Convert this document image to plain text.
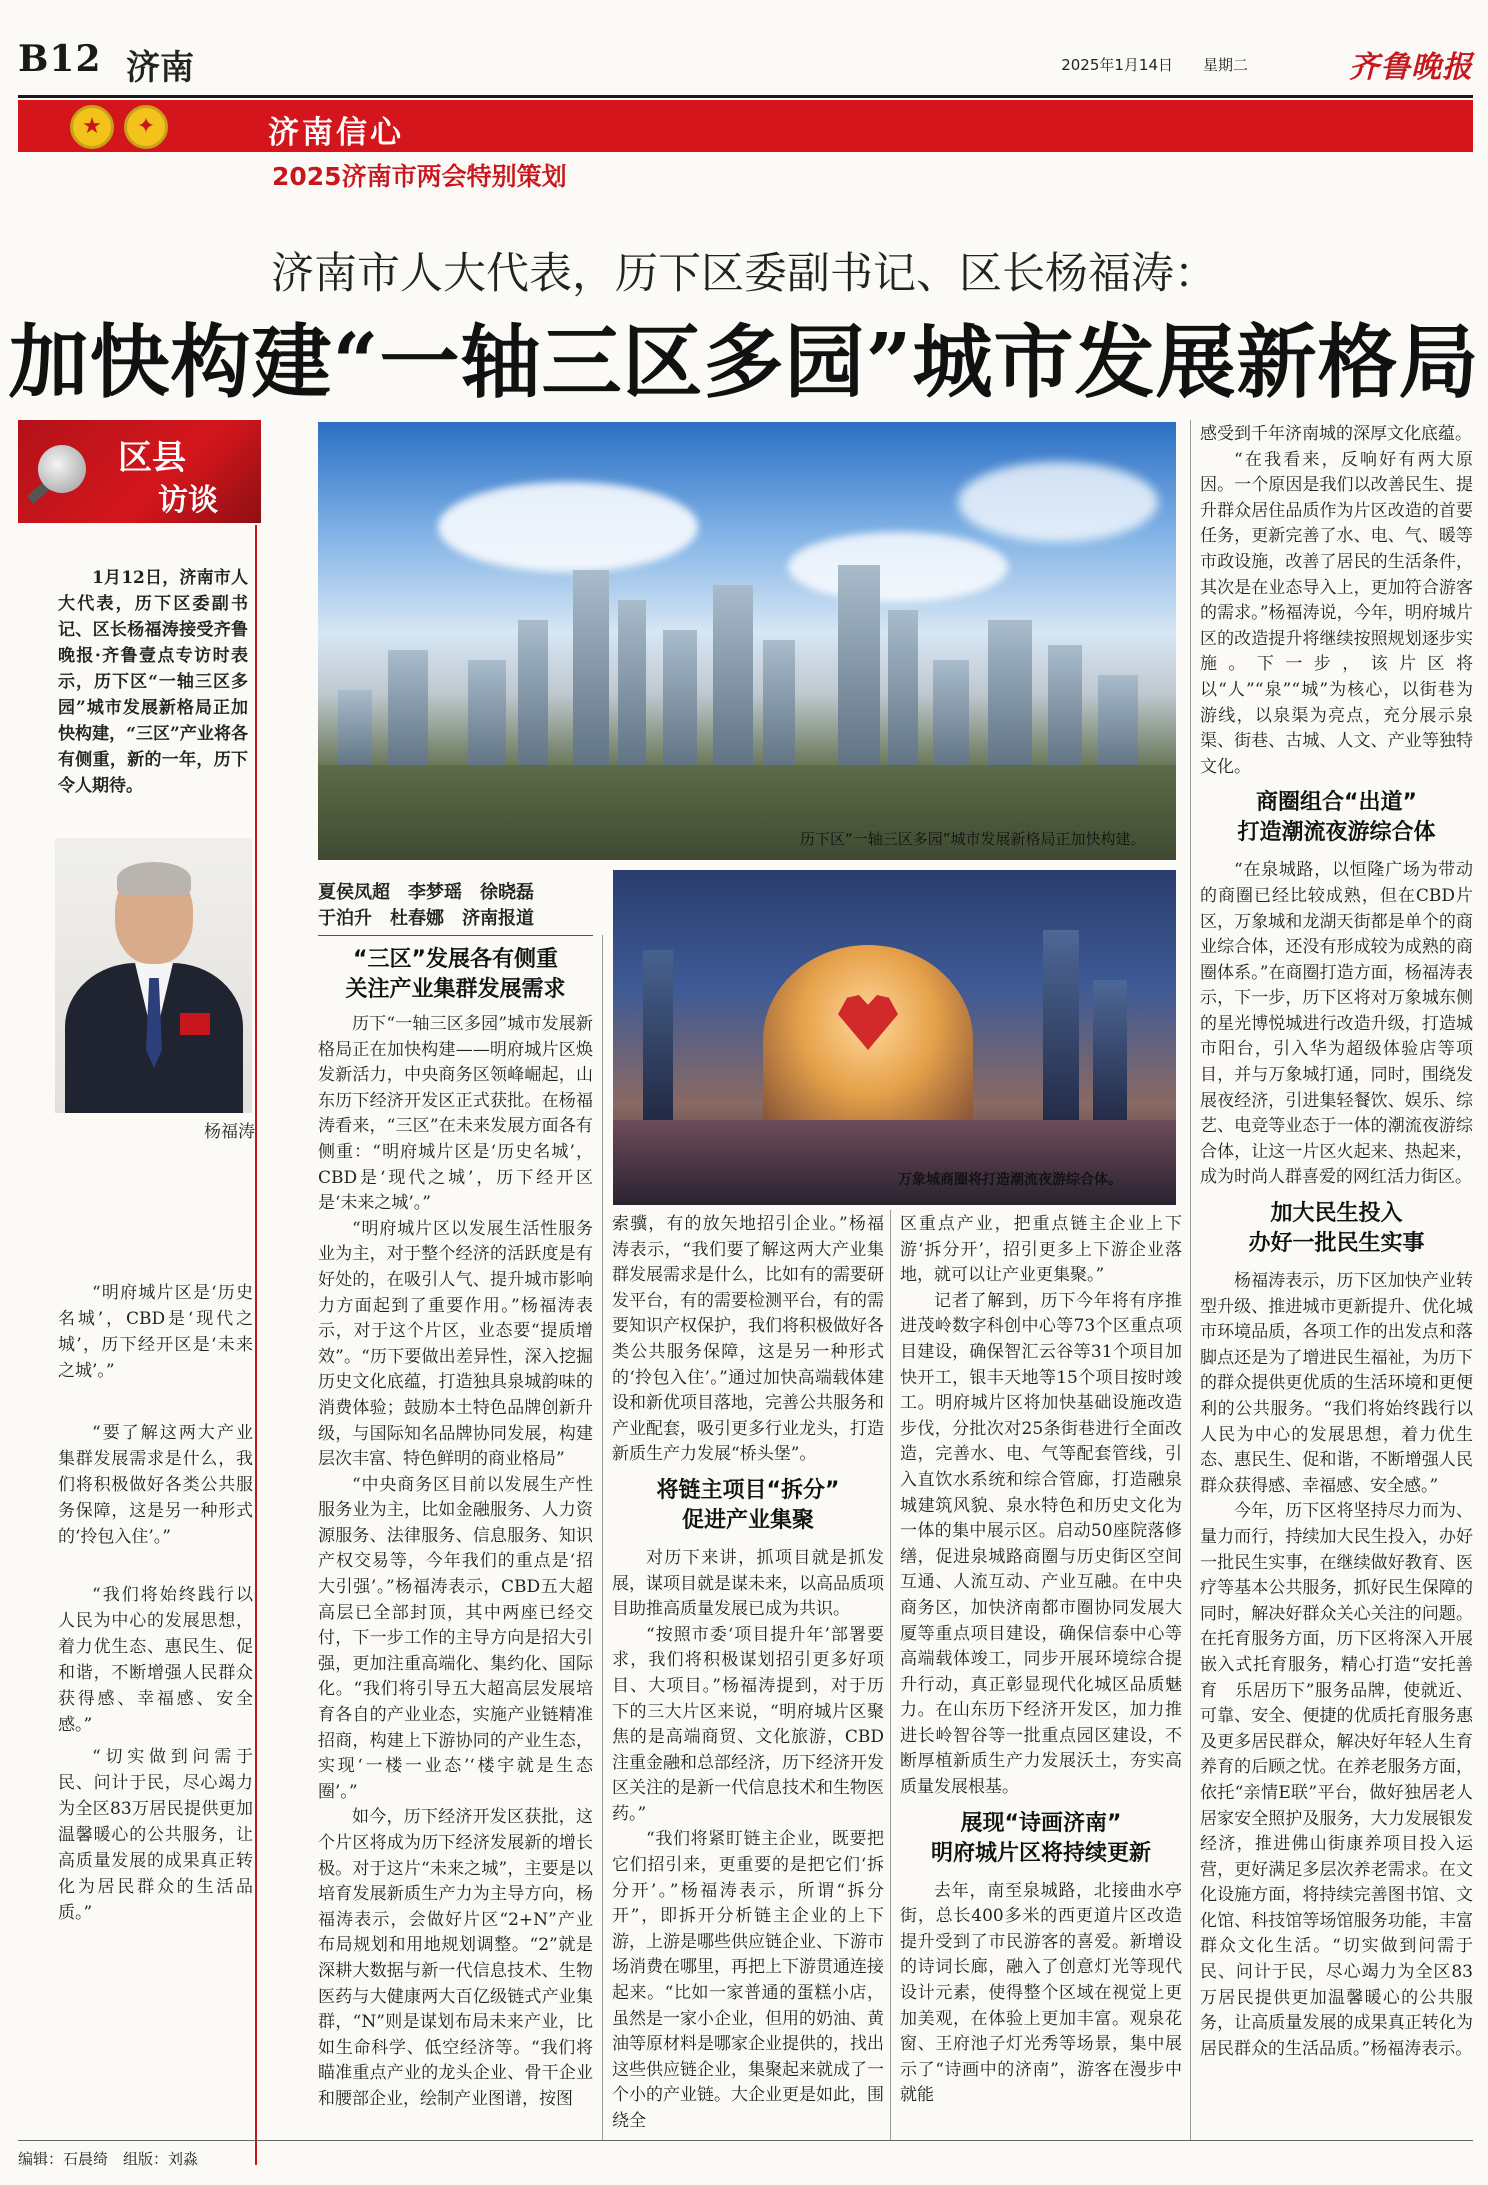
B12 济南	2025年1月14日 星期二	齐鲁晚报
★	✦	济南信心
2025济南市两会特别策划
济南市人大代表，历下区委副书记、区长杨福涛：
加快构建“一轴三区多园”城市发展新格局
区县
访谈
1月12日，济南市人大代表，历下区委副书记、区长杨福涛接受齐鲁晚报·齐鲁壹点专访时表示，历下区“一轴三区多园”城市发展新格局正加快构建，“三区”产业将各有侧重，新的一年，历下令人期待。
杨福涛
“明府城片区是‘历史名城’，CBD是‘现代之城’，历下经开区是‘未来之城’。”
“要了解这两大产业集群发展需求是什么，我们将积极做好各类公共服务保障，这是另一种形式的‘拎包入住’。”
“我们将始终践行以人民为中心的发展思想，着力优生态、惠民生、促和谐，不断增强人民群众获得感、幸福感、安全感。”
“切实做到问需于民、问计于民，尽心竭力为全区83万居民提供更加温馨暖心的公共服务，让高质量发展的成果真正转化为居民群众的生活品质。”
历下区“一轴三区多园”城市发展新格局正加快构建。
夏侯凤超　李梦瑶　徐晓磊
于泊升　杜春娜　济南报道
万象城商圈将打造潮流夜游综合体。
“三区”发展各有侧重
关注产业集群发展需求

历下“一轴三区多园”城市发展新格局正在加快构建——明府城片区焕发新活力，中央商务区领峰崛起，山东历下经济开发区正式获批。在杨福涛看来，“三区”在未来发展方面各有侧重：“明府城片区是‘历史名城’，CBD是‘现代之城’，历下经开区是‘未来之城’。”

“明府城片区以发展生活性服务业为主，对于整个经济的活跃度是有好处的，在吸引人气、提升城市影响力方面起到了重要作用。”杨福涛表示，对于这个片区，业态要“提质增效”。“历下要做出差异性，深入挖掘历史文化底蕴，打造独具泉城韵味的消费体验；鼓励本土特色品牌创新升级，与国际知名品牌协同发展，构建层次丰富、特色鲜明的商业格局”

“中央商务区目前以发展生产性服务业为主，比如金融服务、人力资源服务、法律服务、信息服务、知识产权交易等，今年我们的重点是‘招大引强’。”杨福涛表示，CBD五大超高层已全部封顶，其中两座已经交付，下一步工作的主导方向是招大引强，更加注重高端化、集约化、国际化。“我们将引导五大超高层发展培育各自的产业业态，实施产业链精准招商，构建上下游协同的产业生态，实现‘一楼一业态’‘楼宇就是生态圈’。”

如今，历下经济开发区获批，这个片区将成为历下经济发展新的增长极。对于这片“未来之城”，主要是以培育发展新质生产力为主导方向，杨福涛表示，会做好片区“2+N”产业布局规划和用地规划调整。“2”就是深耕大数据与新一代信息技术、生物医药与大健康两大百亿级链式产业集群，“N”则是谋划布局未来产业，比如生命科学、低空经济等。“我们将瞄准重点产业的龙头企业、骨干企业和腰部企业，绘制产业图谱，按图

索骥，有的放矢地招引企业。”杨福涛表示，“我们要了解这两大产业集群发展需求是什么，比如有的需要研发平台，有的需要检测平台，有的需要知识产权保护，我们将积极做好各类公共服务保障，这是另一种形式的‘拎包入住’。”通过加快高端载体建设和新优项目落地，完善公共服务和产业配套，吸引更多行业龙头，打造新质生产力发展“桥头堡”。

将链主项目“拆分”
促进产业集聚

对历下来讲，抓项目就是抓发展，谋项目就是谋未来，以高品质项目助推高质量发展已成为共识。

“按照市委‘项目提升年’部署要求，我们将积极谋划招引更多好项目、大项目。”杨福涛提到，对于历下的三大片区来说，“明府城片区聚焦的是高端商贸、文化旅游，CBD注重金融和总部经济，历下经济开发区关注的是新一代信息技术和生物医药。”

“我们将紧盯链主企业，既要把它们招引来，更重要的是把它们‘拆分开’。”杨福涛表示，所谓“拆分开”，即拆开分析链主企业的上下游，上游是哪些供应链企业、下游市场消费在哪里，再把上下游贯通连接起来。“比如一家普通的蛋糕小店，虽然是一家小企业，但用的奶油、黄油等原材料是哪家企业提供的，找出这些供应链企业，集聚起来就成了一个小的产业链。大企业更是如此，围绕全

区重点产业，把重点链主企业上下游‘拆分开’，招引更多上下游企业落地，就可以让产业更集聚。”

记者了解到，历下今年将有序推进茂岭数字科创中心等73个区重点项目建设，确保智汇云谷等31个项目加快开工，银丰天地等15个项目按时竣工。明府城片区将加快基础设施改造步伐，分批次对25条街巷进行全面改造，完善水、电、气等配套管线，引入直饮水系统和综合管廊，打造融泉城建筑风貌、泉水特色和历史文化为一体的集中展示区。启动50座院落修缮，促进泉城路商圈与历史街区空间互通、人流互动、产业互融。在中央商务区，加快济南都市圈协同发展大厦等重点项目建设，确保信泰中心等高端载体竣工，同步开展环境综合提升行动，真正彰显现代化城区品质魅力。在山东历下经济开发区，加力推进长岭智谷等一批重点园区建设，不断厚植新质生产力发展沃土，夯实高质量发展根基。

展现“诗画济南”
明府城片区将持续更新

去年，南至泉城路，北接曲水亭街，总长400多米的西更道片区改造提升受到了市民游客的喜爱。新增设的诗词长廊，融入了创意灯光等现代设计元素，使得整个区域在视觉上更加美观，在体验上更加丰富。观泉花窗、王府池子灯光秀等场景，集中展示了“诗画中的济南”，游客在漫步中就能

感受到千年济南城的深厚文化底蕴。

“在我看来，反响好有两大原因。一个原因是我们以改善民生、提升群众居住品质作为片区改造的首要任务，更新完善了水、电、气、暖等市政设施，改善了居民的生活条件，其次是在业态导入上，更加符合游客的需求。”杨福涛说，今年，明府城片区的改造提升将继续按照规划逐步实施。下一步，该片区将以“人”“泉”“城”为核心，以街巷为游线，以泉渠为亮点，充分展示泉渠、街巷、古城、人文、产业等独特文化。

商圈组合“出道”
打造潮流夜游综合体

“在泉城路，以恒隆广场为带动的商圈已经比较成熟，但在CBD片区，万象城和龙湖天街都是单个的商业综合体，还没有形成较为成熟的商圈体系。”在商圈打造方面，杨福涛表示，下一步，历下区将对万象城东侧的星光博悦城进行改造升级，打造城市阳台，引入华为超级体验店等项目，并与万象城打通，同时，围绕发展夜经济，引进集轻餐饮、娱乐、综艺、电竞等业态于一体的潮流夜游综合体，让这一片区火起来、热起来，成为时尚人群喜爱的网红活力街区。

加大民生投入
办好一批民生实事

杨福涛表示，历下区加快产业转型升级、推进城市更新提升、优化城市环境品质，各项工作的出发点和落脚点还是为了增进民生福祉，为历下的群众提供更优质的生活环境和更便利的公共服务。“我们将始终践行以人民为中心的发展思想，着力优生态、惠民生、促和谐，不断增强人民群众获得感、幸福感、安全感。”

今年，历下区将坚持尽力而为、量力而行，持续加大民生投入，办好一批民生实事，在继续做好教育、医疗等基本公共服务，抓好民生保障的同时，解决好群众关心关注的问题。在托育服务方面，历下区将深入开展嵌入式托育服务，精心打造“安托善育　乐居历下”服务品牌，使就近、可靠、安全、便捷的优质托育服务惠及更多居民群众，解决好年轻人生育养育的后顾之忧。在养老服务方面，依托“亲情E联”平台，做好独居老人居家安全照护及服务，大力发展银发经济，推进佛山街康养项目投入运营，更好满足多层次养老需求。在文化设施方面，将持续完善图书馆、文化馆、科技馆等场馆服务功能，丰富群众文化生活。“切实做到问需于民、问计于民，尽心竭力为全区83万居民提供更加温馨暖心的公共服务，让高质量发展的成果真正转化为居民群众的生活品质。”杨福涛表示。

编辑：石晨绮　组版：刘淼
